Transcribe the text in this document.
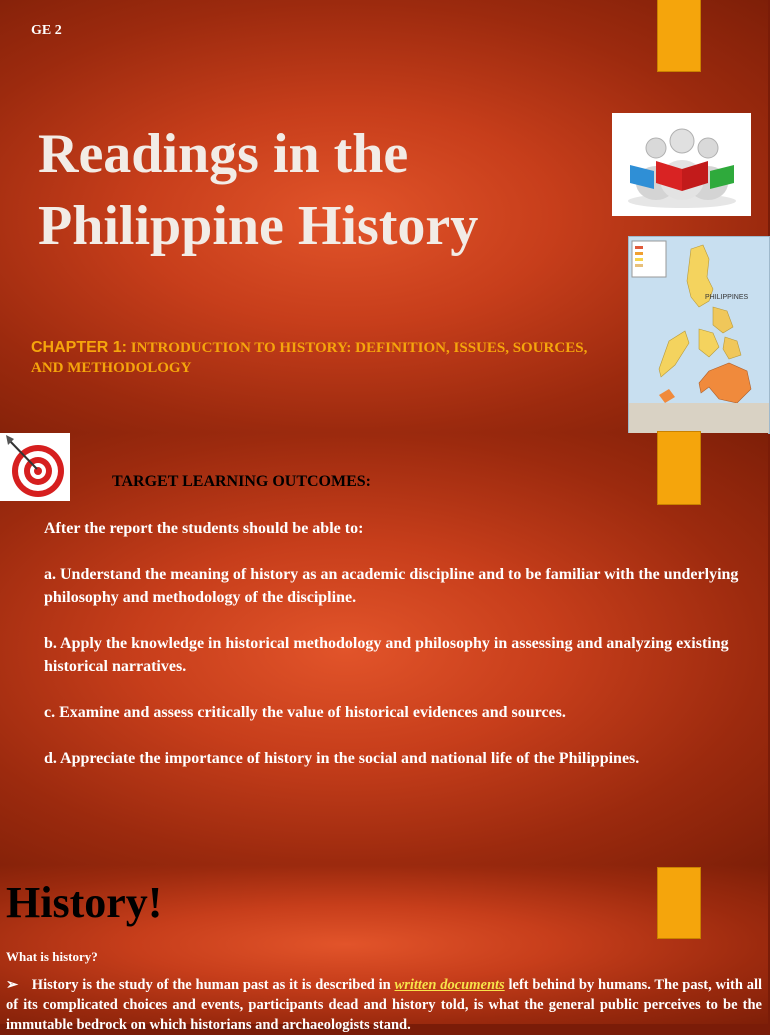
GE 2
Readings in the
Philippine History
CHAPTER 1: INTRODUCTION TO HISTORY: DEFINITION, ISSUES, SOURCES, AND METHODOLOGY
PHILIPPINES
TARGET LEARNING OUTCOMES:

After the report the students should be able to:

a. Understand the meaning of history as an academic discipline and to be familiar with the underlying philosophy and methodology of the discipline.

b. Apply the knowledge in historical methodology and philosophy in assessing and analyzing existing historical narratives.

c. Examine and assess critically the value of historical evidences and sources.

d. Appreciate the importance of history in the social and national life of the Philippines.

History!
What is history?
➢ History is the study of the human past as it is described in written documents left behind by humans. The past, with all of its complicated choices and events, participants dead and history told, is what the general public perceives to be the immutable bedrock on which historians and archaeologists stand.
